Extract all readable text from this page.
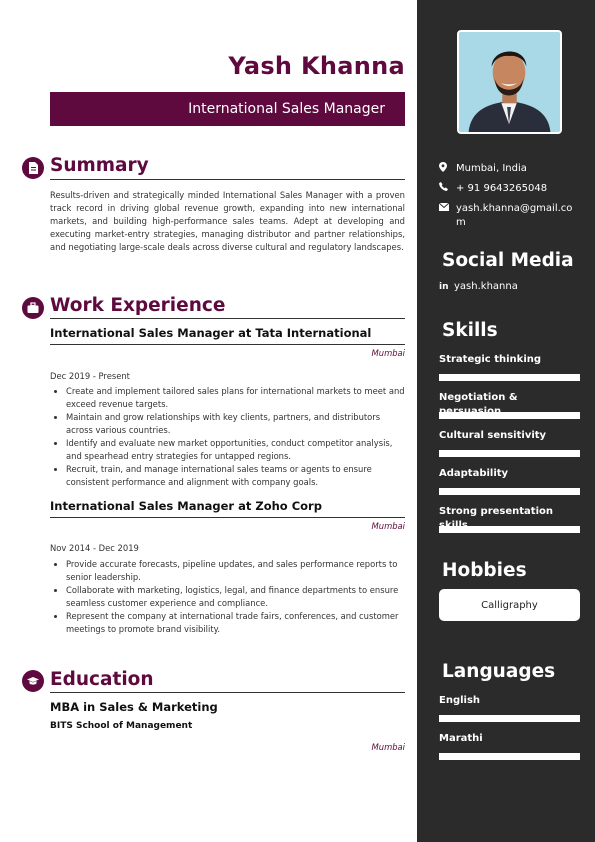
Mumbai, India
+ 91 9643265048
yash.khanna@gmail.com
Social Media
in yash.khanna
Skills
Strategic thinking
Negotiation & persuasion
Cultural sensitivity
Adaptability
Strong presentation skills
Hobbies
Calligraphy
Languages
English
Marathi
Yash Khanna
International Sales Manager
Summary
Results-driven and strategically minded International Sales Manager with a proven track record in driving global revenue growth, expanding into new international markets, and building high-performance sales teams. Adept at developing and executing market-entry strategies, managing distributor and partner relationships, and negotiating large-scale deals across diverse cultural and regulatory landscapes.
Work Experience
International Sales Manager at Tata International
Mumbai
Dec 2019 - Present
• Create and implement tailored sales plans for international markets to meet and exceed revenue targets.
• Maintain and grow relationships with key clients, partners, and distributors across various countries.
• Identify and evaluate new market opportunities, conduct competitor analysis, and spearhead entry strategies for untapped regions.
• Recruit, train, and manage international sales teams or agents to ensure consistent performance and alignment with company goals.
International Sales Manager at Zoho Corp
Mumbai
Nov 2014 - Dec 2019
• Provide accurate forecasts, pipeline updates, and sales performance reports to senior leadership.
• Collaborate with marketing, logistics, legal, and finance departments to ensure seamless customer experience and compliance.
• Represent the company at international trade fairs, conferences, and customer meetings to promote brand visibility.
Education
MBA in Sales & Marketing
BITS School of Management
Mumbai
